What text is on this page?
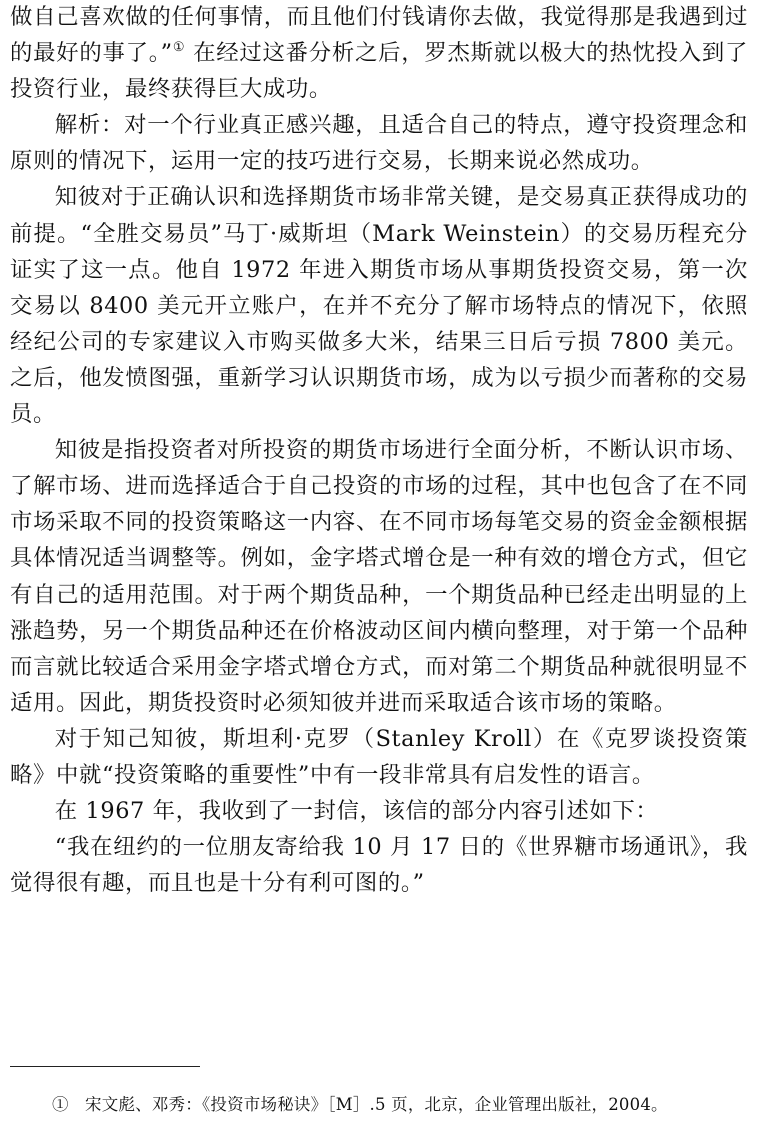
做自己喜欢做的任何事情，而且他们付钱请你去做，我觉得那是我遇到过的最好的事了。”① 在经过这番分析之后，罗杰斯就以极大的热忱投入到了投资行业，最终获得巨大成功。

解析：对一个行业真正感兴趣，且适合自己的特点，遵守投资理念和原则的情况下，运用一定的技巧进行交易，长期来说必然成功。

知彼对于正确认识和选择期货市场非常关键，是交易真正获得成功的前提。“全胜交易员”马丁·威斯坦（Mark Weinstein）的交易历程充分证实了这一点。他自 1972 年进入期货市场从事期货投资交易，第一次交易以 8400 美元开立账户，在并不充分了解市场特点的情况下，依照经纪公司的专家建议入市购买做多大米，结果三日后亏损 7800 美元。之后，他发愤图强，重新学习认识期货市场，成为以亏损少而著称的交易员。

知彼是指投资者对所投资的期货市场进行全面分析，不断认识市场、了解市场、进而选择适合于自己投资的市场的过程，其中也包含了在不同市场采取不同的投资策略这一内容、在不同市场每笔交易的资金金额根据具体情况适当调整等。例如，金字塔式增仓是一种有效的增仓方式，但它有自己的适用范围。对于两个期货品种，一个期货品种已经走出明显的上涨趋势，另一个期货品种还在价格波动区间内横向整理，对于第一个品种而言就比较适合采用金字塔式增仓方式，而对第二个期货品种就很明显不适用。因此，期货投资时必须知彼并进而采取适合该市场的策略。

对于知己知彼，斯坦利·克罗（Stanley Kroll）在《克罗谈投资策略》中就“投资策略的重要性”中有一段非常具有启发性的语言。

在 1967 年，我收到了一封信，该信的部分内容引述如下：

“我在纽约的一位朋友寄给我 10 月 17 日的《世界糖市场通讯》，我觉得很有趣，而且也是十分有利可图的。”

① 宋文彪、邓秀：《投资市场秘诀》［M］.5 页，北京，企业管理出版社，2004。
